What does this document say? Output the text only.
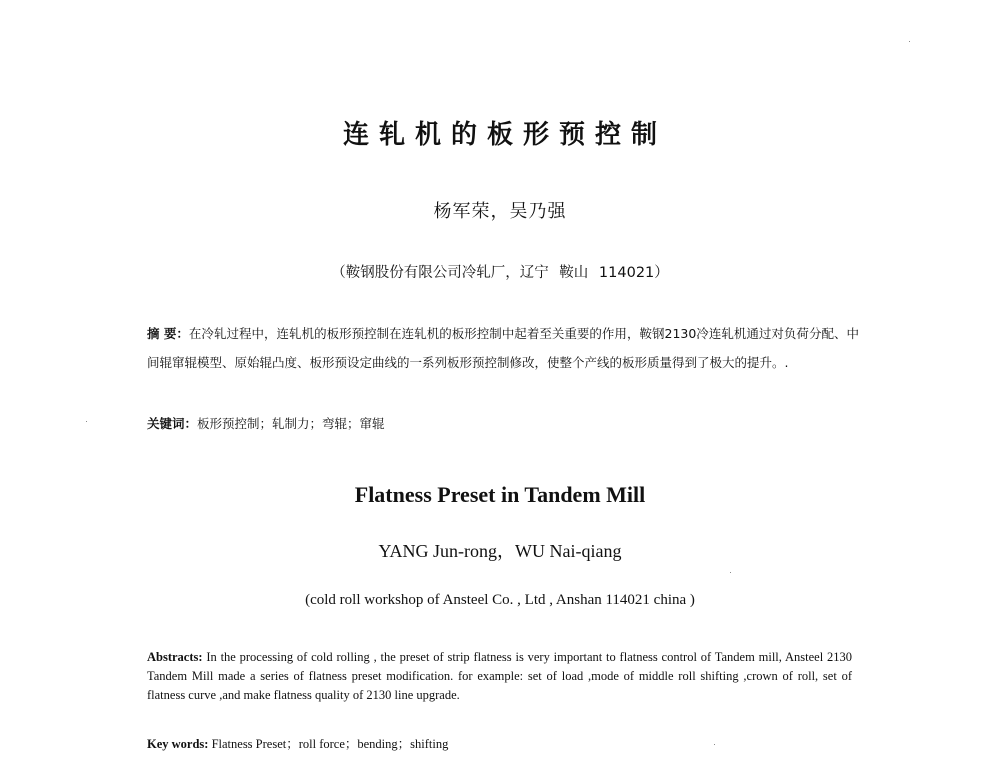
连轧机的板形预控制
杨军荣，吴乃强
（鞍钢股份有限公司冷轧厂，辽宁 鞍山 114021）
摘 要：在冷轧过程中，连轧机的板形预控制在连轧机的板形控制中起着至关重要的作用，鞍钢2130冷连轧机通过对负荷分配、中间辊窜辊模型、原始辊凸度、板形预设定曲线的一系列板形预控制修改，使整个产线的板形质量得到了极大的提升。.
关键词：板形预控制；轧制力；弯辊；窜辊
Flatness Preset in Tandem Mill
YANG Jun-rong，WU Nai-qiang
(cold roll workshop of Ansteel Co. , Ltd , Anshan 114021 china )
Abstracts: In the processing of cold rolling , the preset of strip flatness is very important to flatness control of Tandem mill, Ansteel 2130 Tandem Mill made a series of flatness preset modification. for example: set of load ,mode of middle roll shifting ,crown of roll, set of flatness curve ,and make flatness quality of 2130 line upgrade.
Key words: Flatness Preset；roll force；bending；shifting
